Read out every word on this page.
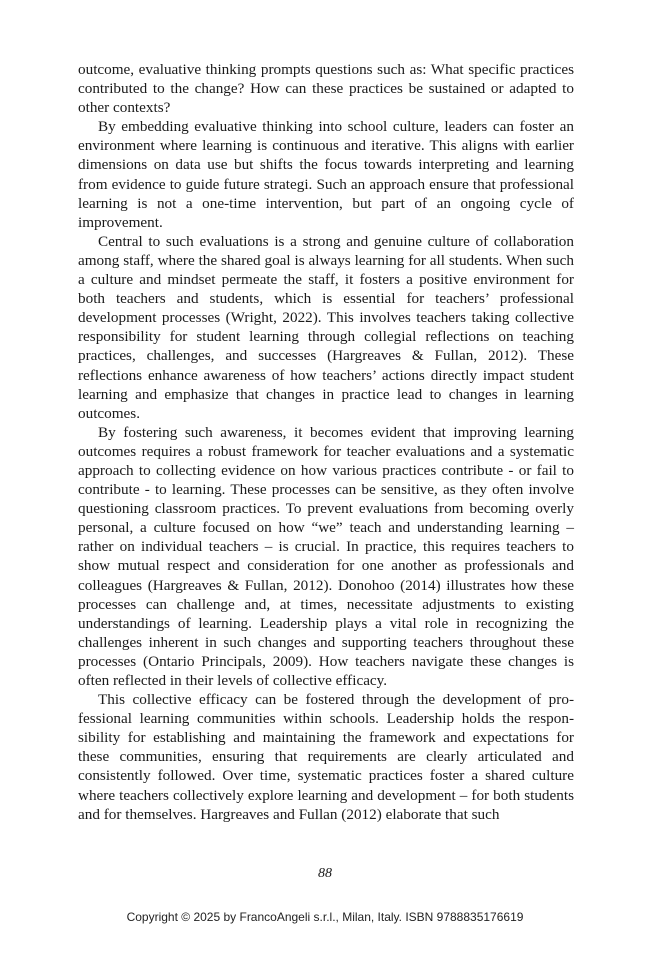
outcome, evaluative thinking prompts questions such as: What specific practices contributed to the change? How can these practices be sustained or adapted to other contexts?

By embedding evaluative thinking into school culture, leaders can foster an environment where learning is continuous and iterative. This aligns with earlier dimensions on data use but shifts the focus towards interpreting and learning from evidence to guide future strategi. Such an approach ensure that professional learning is not a one-time intervention, but part of an ongoing cycle of improvement.

Central to such evaluations is a strong and genuine culture of collaboration among staff, where the shared goal is always learning for all students. When such a culture and mindset permeate the staff, it fosters a positive environment for both teachers and students, which is essential for teachers’ professional development processes (Wright, 2022). This involves teachers taking collective responsibility for student learning through collegial reflections on teaching practices, challenges, and successes (Hargreaves & Fullan, 2012). These reflections enhance awareness of how teachers’ actions directly impact student learning and emphasize that changes in practice lead to changes in learning outcomes.

By fostering such awareness, it becomes evident that improving learning outcomes requires a robust framework for teacher evaluations and a systematic approach to collecting evidence on how various practices contribute - or fail to contribute - to learning. These processes can be sensitive, as they often involve questioning classroom practices. To prevent evaluations from becoming overly personal, a culture focused on how “we” teach and understanding learning – rather on individual teachers – is crucial. In practice, this requires teachers to show mutual respect and consideration for one another as professionals and colleagues (Hargreaves & Fullan, 2012). Donohoo (2014) illustrates how these processes can challenge and, at times, necessitate adjustments to existing understandings of learning. Leadership plays a vital role in recognizing the challenges inherent in such changes and supporting teachers throughout these processes (Ontario Principals, 2009). How teachers navigate these changes is often reflected in their levels of collective efficacy.

This collective efficacy can be fostered through the development of professional learning communities within schools. Leadership holds the responsibility for establishing and maintaining the framework and expectations for these communities, ensuring that requirements are clearly articulated and consistently followed. Over time, systematic practices foster a shared culture where teachers collectively explore learning and development – for both students and for themselves. Hargreaves and Fullan (2012) elaborate that such

88
Copyright © 2025 by FrancoAngeli s.r.l., Milan, Italy. ISBN 9788835176619
